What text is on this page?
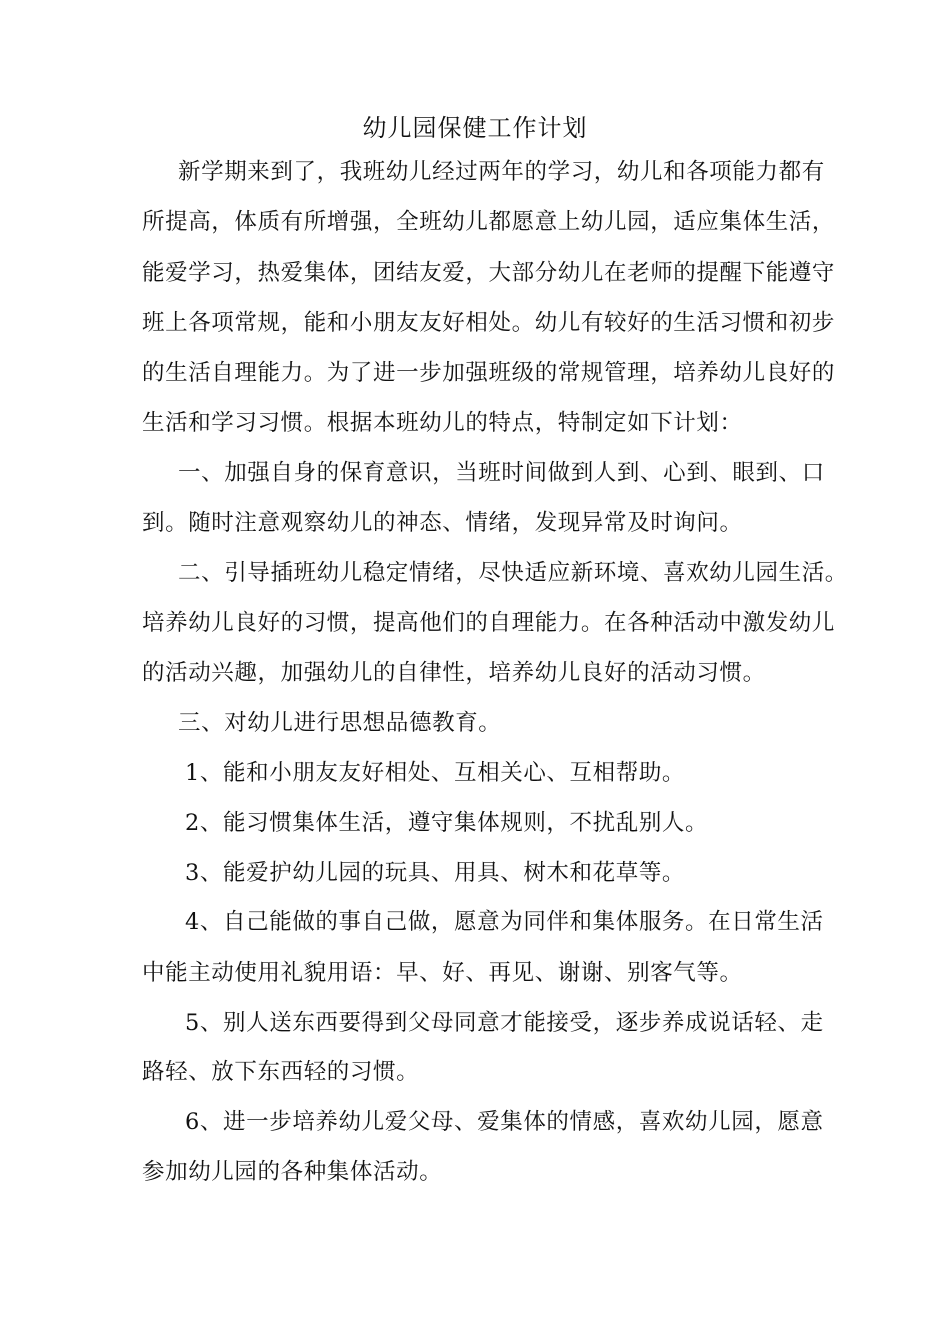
幼儿园保健工作计划
新学期来到了，我班幼儿经过两年的学习，幼儿和各项能力都有
所提高，体质有所增强，全班幼儿都愿意上幼儿园，适应集体生活，
能爱学习，热爱集体，团结友爱，大部分幼儿在老师的提醒下能遵守
班上各项常规，能和小朋友友好相处。幼儿有较好的生活习惯和初步
的生活自理能力。为了进一步加强班级的常规管理，培养幼儿良好的
生活和学习习惯。根据本班幼儿的特点，特制定如下计划：
一、加强自身的保育意识，当班时间做到人到、心到、眼到、口
到。随时注意观察幼儿的神态、情绪，发现异常及时询问。
二、引导插班幼儿稳定情绪，尽快适应新环境、喜欢幼儿园生活。
培养幼儿良好的习惯，提高他们的自理能力。在各种活动中激发幼儿
的活动兴趣，加强幼儿的自律性，培养幼儿良好的活动习惯。
三、对幼儿进行思想品德教育。
1、能和小朋友友好相处、互相关心、互相帮助。
2、能习惯集体生活，遵守集体规则，不扰乱别人。
3、能爱护幼儿园的玩具、用具、树木和花草等。
4、自己能做的事自己做，愿意为同伴和集体服务。在日常生活
中能主动使用礼貌用语：早、好、再见、谢谢、别客气等。
5、别人送东西要得到父母同意才能接受，逐步养成说话轻、走
路轻、放下东西轻的习惯。
6、进一步培养幼儿爱父母、爱集体的情感，喜欢幼儿园，愿意
参加幼儿园的各种集体活动。
